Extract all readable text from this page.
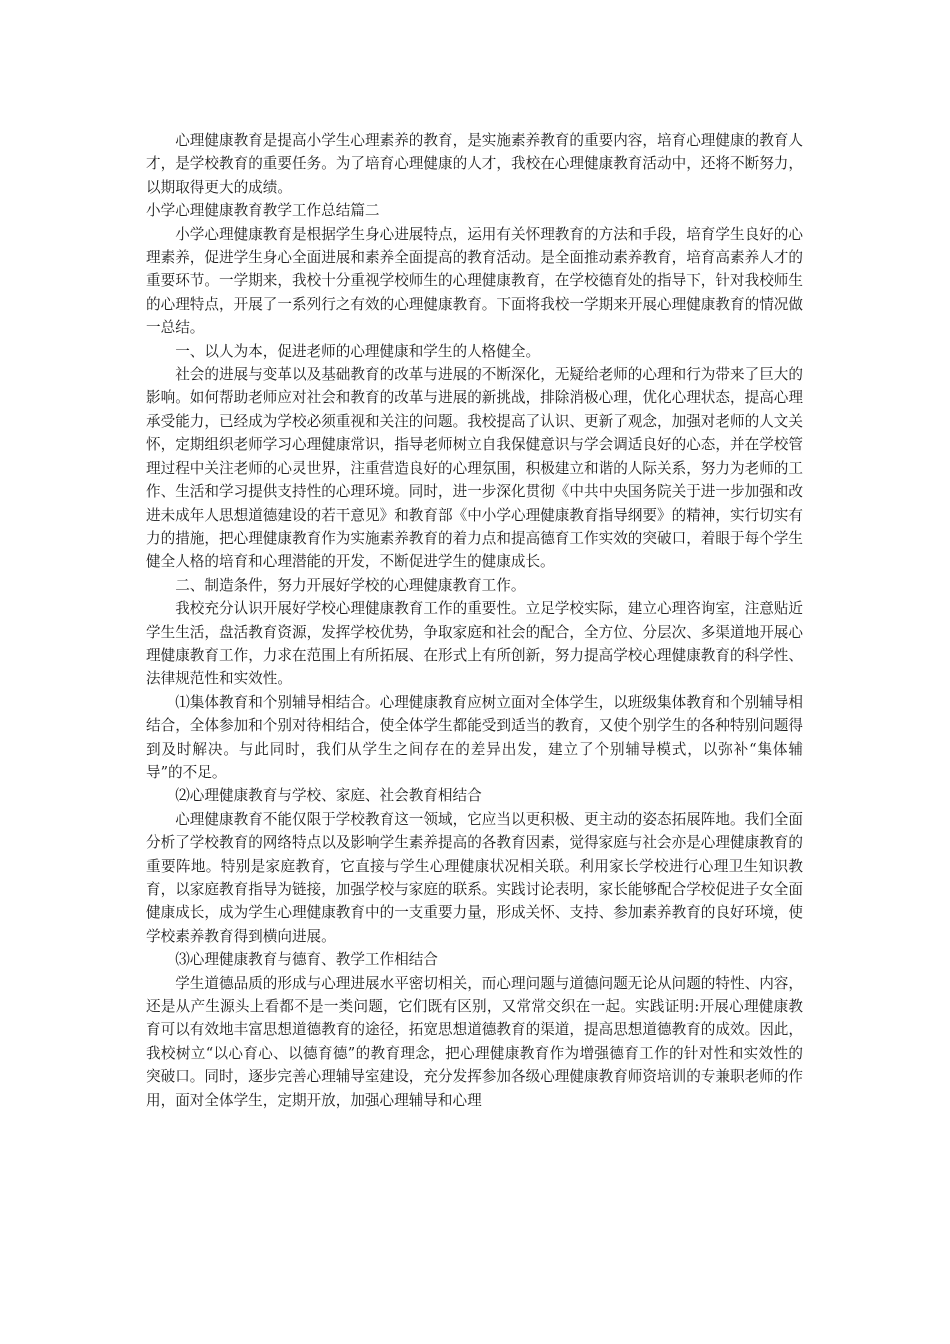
心理健康教育是提高小学生心理素养的教育，是实施素养教育的重要内容，培育心理健康的教育人才，是学校教育的重要任务。为了培育心理健康的人才，我校在心理健康教育活动中，还将不断努力，以期取得更大的成绩。

小学心理健康教育教学工作总结篇二

小学心理健康教育是根据学生身心进展特点，运用有关怀理教育的方法和手段，培育学生良好的心理素养，促进学生身心全面进展和素养全面提高的教育活动。是全面推动素养教育，培育高素养人才的重要环节。一学期来，我校十分重视学校师生的心理健康教育，在学校德育处的指导下，针对我校师生的心理特点，开展了一系列行之有效的心理健康教育。下面将我校一学期来开展心理健康教育的情况做一总结。

一、以人为本，促进老师的心理健康和学生的人格健全。

社会的进展与变革以及基础教育的改革与进展的不断深化，无疑给老师的心理和行为带来了巨大的影响。如何帮助老师应对社会和教育的改革与进展的新挑战，排除消极心理，优化心理状态，提高心理承受能力，已经成为学校必须重视和关注的问题。我校提高了认识、更新了观念，加强对老师的人文关怀，定期组织老师学习心理健康常识，指导老师树立自我保健意识与学会调适良好的心态，并在学校管理过程中关注老师的心灵世界，注重营造良好的心理氛围，积极建立和谐的人际关系，努力为老师的工作、生活和学习提供支持性的心理环境。同时，进一步深化贯彻《中共中央国务院关于进一步加强和改进未成年人思想道德建设的若干意见》和教育部《中小学心理健康教育指导纲要》的精神，实行切实有力的措施，把心理健康教育作为实施素养教育的着力点和提高德育工作实效的突破口，着眼于每个学生健全人格的培育和心理潜能的开发，不断促进学生的健康成长。

二、制造条件，努力开展好学校的心理健康教育工作。

我校充分认识开展好学校心理健康教育工作的重要性。立足学校实际，建立心理咨询室，注意贴近学生生活，盘活教育资源，发挥学校优势，争取家庭和社会的配合，全方位、分层次、多渠道地开展心理健康教育工作，力求在范围上有所拓展、在形式上有所创新，努力提高学校心理健康教育的科学性、法律规范性和实效性。

⑴集体教育和个别辅导相结合。心理健康教育应树立面对全体学生，以班级集体教育和个别辅导相结合，全体参加和个别对待相结合，使全体学生都能受到适当的教育，又使个别学生的各种特别问题得到及时解决。与此同时，我们从学生之间存在的差异出发，建立了个别辅导模式，以弥补“集体辅导”的不足。

⑵心理健康教育与学校、家庭、社会教育相结合

心理健康教育不能仅限于学校教育这一领域，它应当以更积极、更主动的姿态拓展阵地。我们全面分析了学校教育的网络特点以及影响学生素养提高的各教育因素，觉得家庭与社会亦是心理健康教育的重要阵地。特别是家庭教育，它直接与学生心理健康状况相关联。利用家长学校进行心理卫生知识教育，以家庭教育指导为链接，加强学校与家庭的联系。实践讨论表明，家长能够配合学校促进子女全面健康成长，成为学生心理健康教育中的一支重要力量，形成关怀、支持、参加素养教育的良好环境，使学校素养教育得到横向进展。

⑶心理健康教育与德育、教学工作相结合

学生道德品质的形成与心理进展水平密切相关，而心理问题与道德问题无论从问题的特性、内容，还是从产生源头上看都不是一类问题，它们既有区别，又常常交织在一起。实践证明:开展心理健康教育可以有效地丰富思想道德教育的途径，拓宽思想道德教育的渠道，提高思想道德教育的成效。因此，我校树立“以心育心、以德育德”的教育理念，把心理健康教育作为增强德育工作的针对性和实效性的突破口。同时，逐步完善心理辅导室建设，充分发挥参加各级心理健康教育师资培训的专兼职老师的作用，面对全体学生，定期开放，加强心理辅导和心理
